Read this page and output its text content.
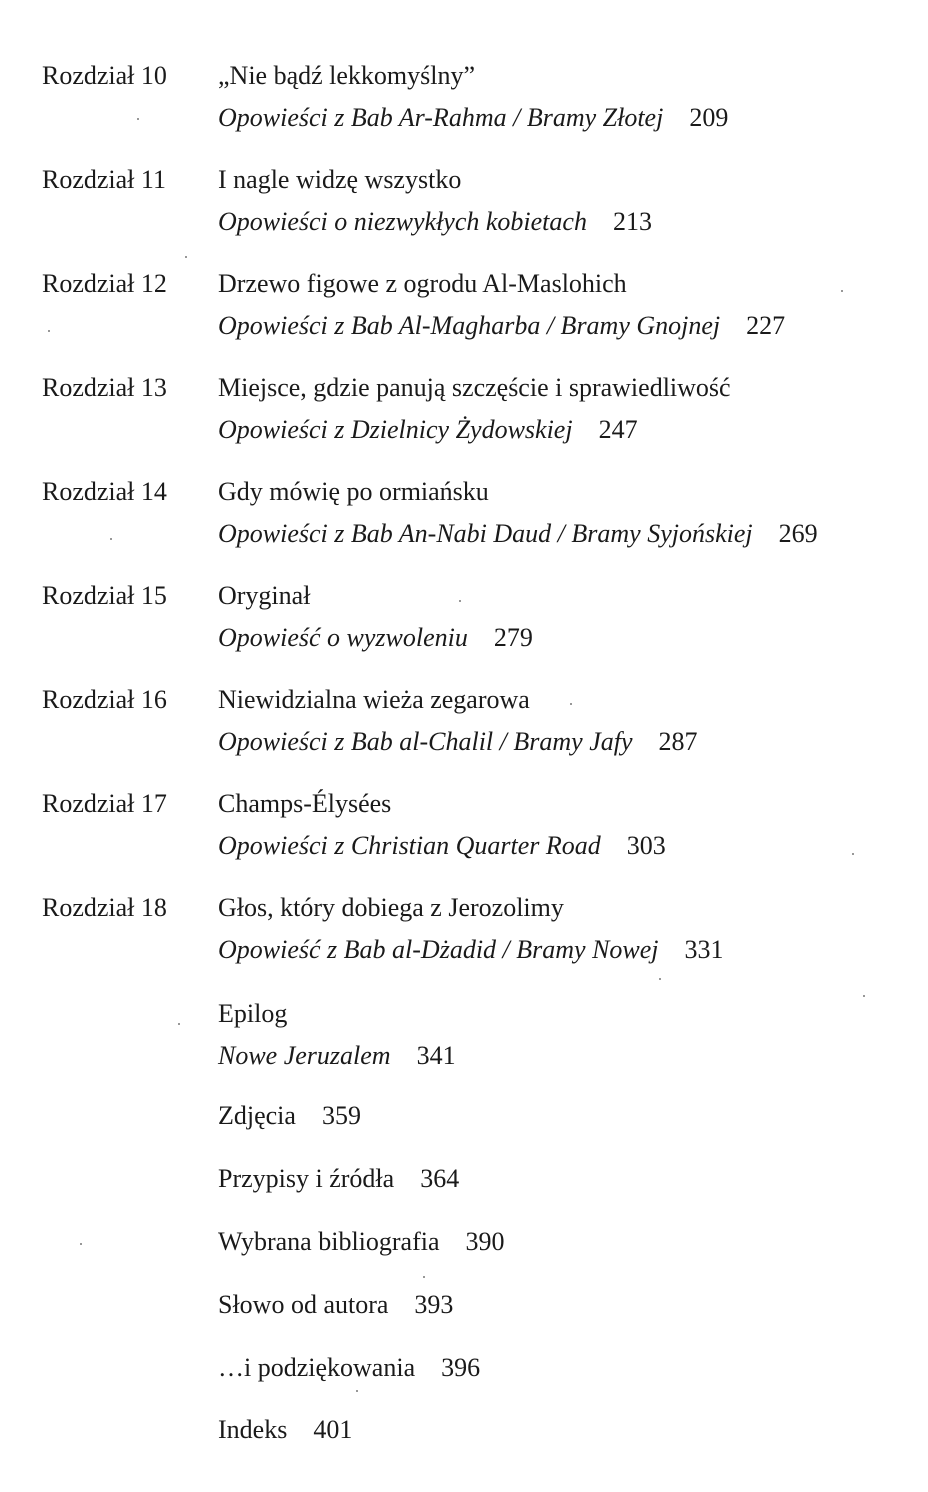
Rozdział 10 „Nie bądź lekkomyślny”
Opowieści z Bab Ar-Rahma / Bramy Złotej 209
Rozdział 11 I nagle widzę wszystko
Opowieści o niezwykłych kobietach 213
Rozdział 12 Drzewo figowe z ogrodu Al-Maslohich
Opowieści z Bab Al-Magharba / Bramy Gnojnej 227
Rozdział 13 Miejsce, gdzie panują szczęście i sprawiedliwość
Opowieści z Dzielnicy Żydowskiej 247
Rozdział 14 Gdy mówię po ormiańsku
Opowieści z Bab An-Nabi Daud / Bramy Syjońskiej 269
Rozdział 15 Oryginał
Opowieść o wyzwoleniu 279
Rozdział 16 Niewidzialna wieża zegarowa
Opowieści z Bab al-Chalil / Bramy Jafy 287
Rozdział 17 Champs-Élysées
Opowieści z Christian Quarter Road 303
Rozdział 18 Głos, który dobiega z Jerozolimy
Opowieść z Bab al-Dżadid / Bramy Nowej 331
Epilog
Nowe Jeruzalem 341
Zdjęcia 359
Przypisy i źródła 364
Wybrana bibliografia 390
Słowo od autora 393
…i podziękowania 396
Indeks 401
